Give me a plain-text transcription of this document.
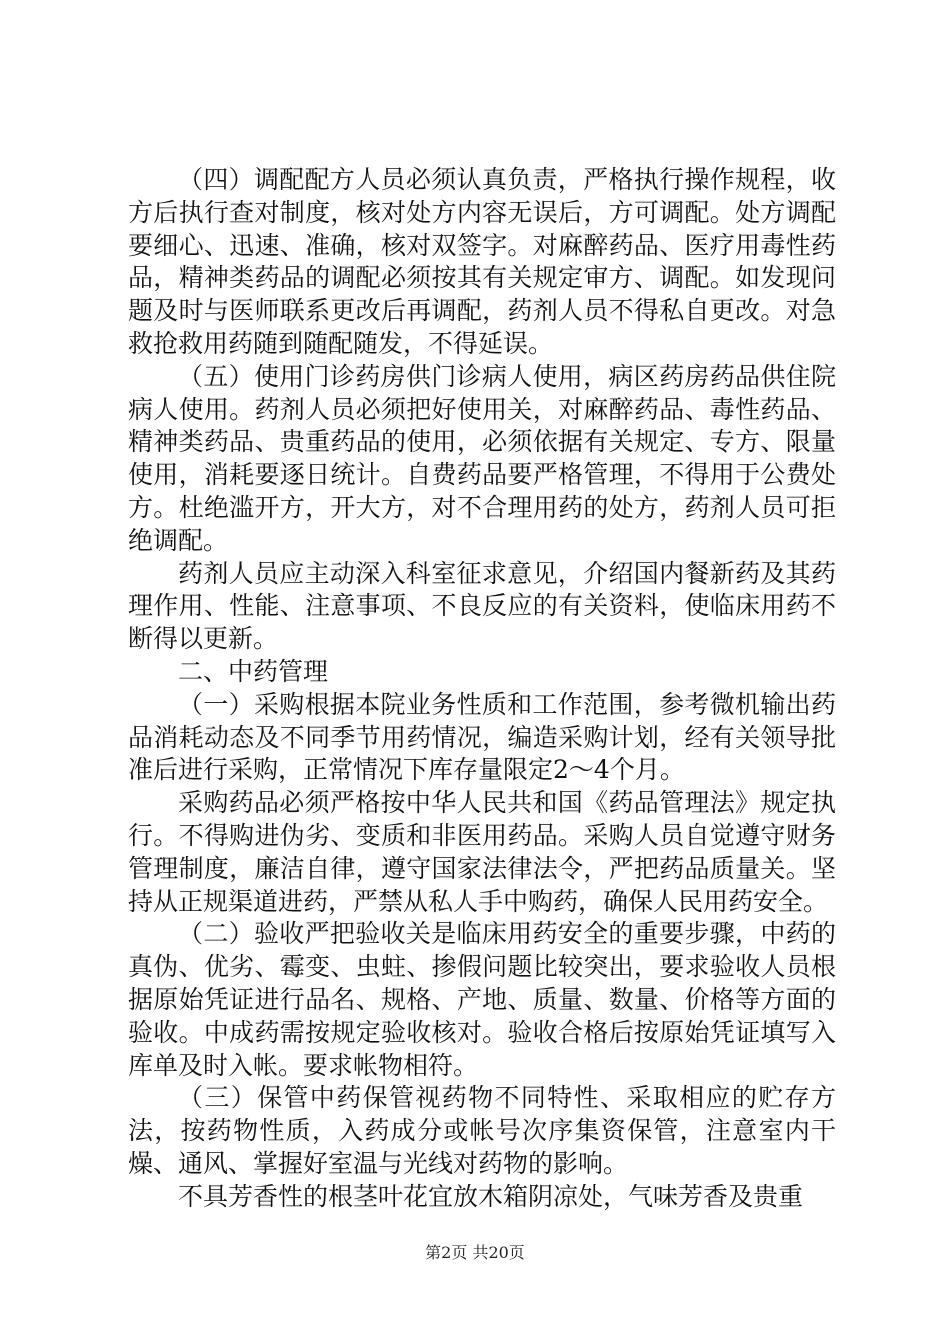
（四）调配配方人员必须认真负责，严格执行操作规程，收方后执行查对制度，核对处方内容无误后，方可调配。处方调配要细心、迅速、准确，核对双签字。对麻醉药品、医疗用毒性药品，精神类药品的调配必须按其有关规定审方、调配。如发现问题及时与医师联系更改后再调配，药剂人员不得私自更改。对急救抢救用药随到随配随发，不得延误。

（五）使用门诊药房供门诊病人使用，病区药房药品供住院病人使用。药剂人员必须把好使用关，对麻醉药品、毒性药品、精神类药品、贵重药品的使用，必须依据有关规定、专方、限量使用，消耗要逐日统计。自费药品要严格管理，不得用于公费处方。杜绝滥开方，开大方，对不合理用药的处方，药剂人员可拒绝调配。

药剂人员应主动深入科室征求意见，介绍国内餐新药及其药理作用、性能、注意事项、不良反应的有关资料，使临床用药不断得以更新。

二、中药管理

（一）采购根据本院业务性质和工作范围，参考微机输出药品消耗动态及不同季节用药情况，编造采购计划，经有关领导批准后进行采购，正常情况下库存量限定2～4个月。

采购药品必须严格按中华人民共和国《药品管理法》规定执行。不得购进伪劣、变质和非医用药品。采购人员自觉遵守财务管理制度，廉洁自律，遵守国家法律法令，严把药品质量关。坚持从正规渠道进药，严禁从私人手中购药，确保人民用药安全。

（二）验收严把验收关是临床用药安全的重要步骤，中药的真伪、优劣、霉变、虫蛀、掺假问题比较突出，要求验收人员根据原始凭证进行品名、规格、产地、质量、数量、价格等方面的验收。中成药需按规定验收核对。验收合格后按原始凭证填写入库单及时入帐。要求帐物相符。

（三）保管中药保管视药物不同特性、采取相应的贮存方法，按药物性质，入药成分或帐号次序集资保管，注意室内干燥、通风、掌握好室温与光线对药物的影响。

不具芳香性的根茎叶花宜放木箱阴凉处，气味芳香及贵重

第2页 共20页
